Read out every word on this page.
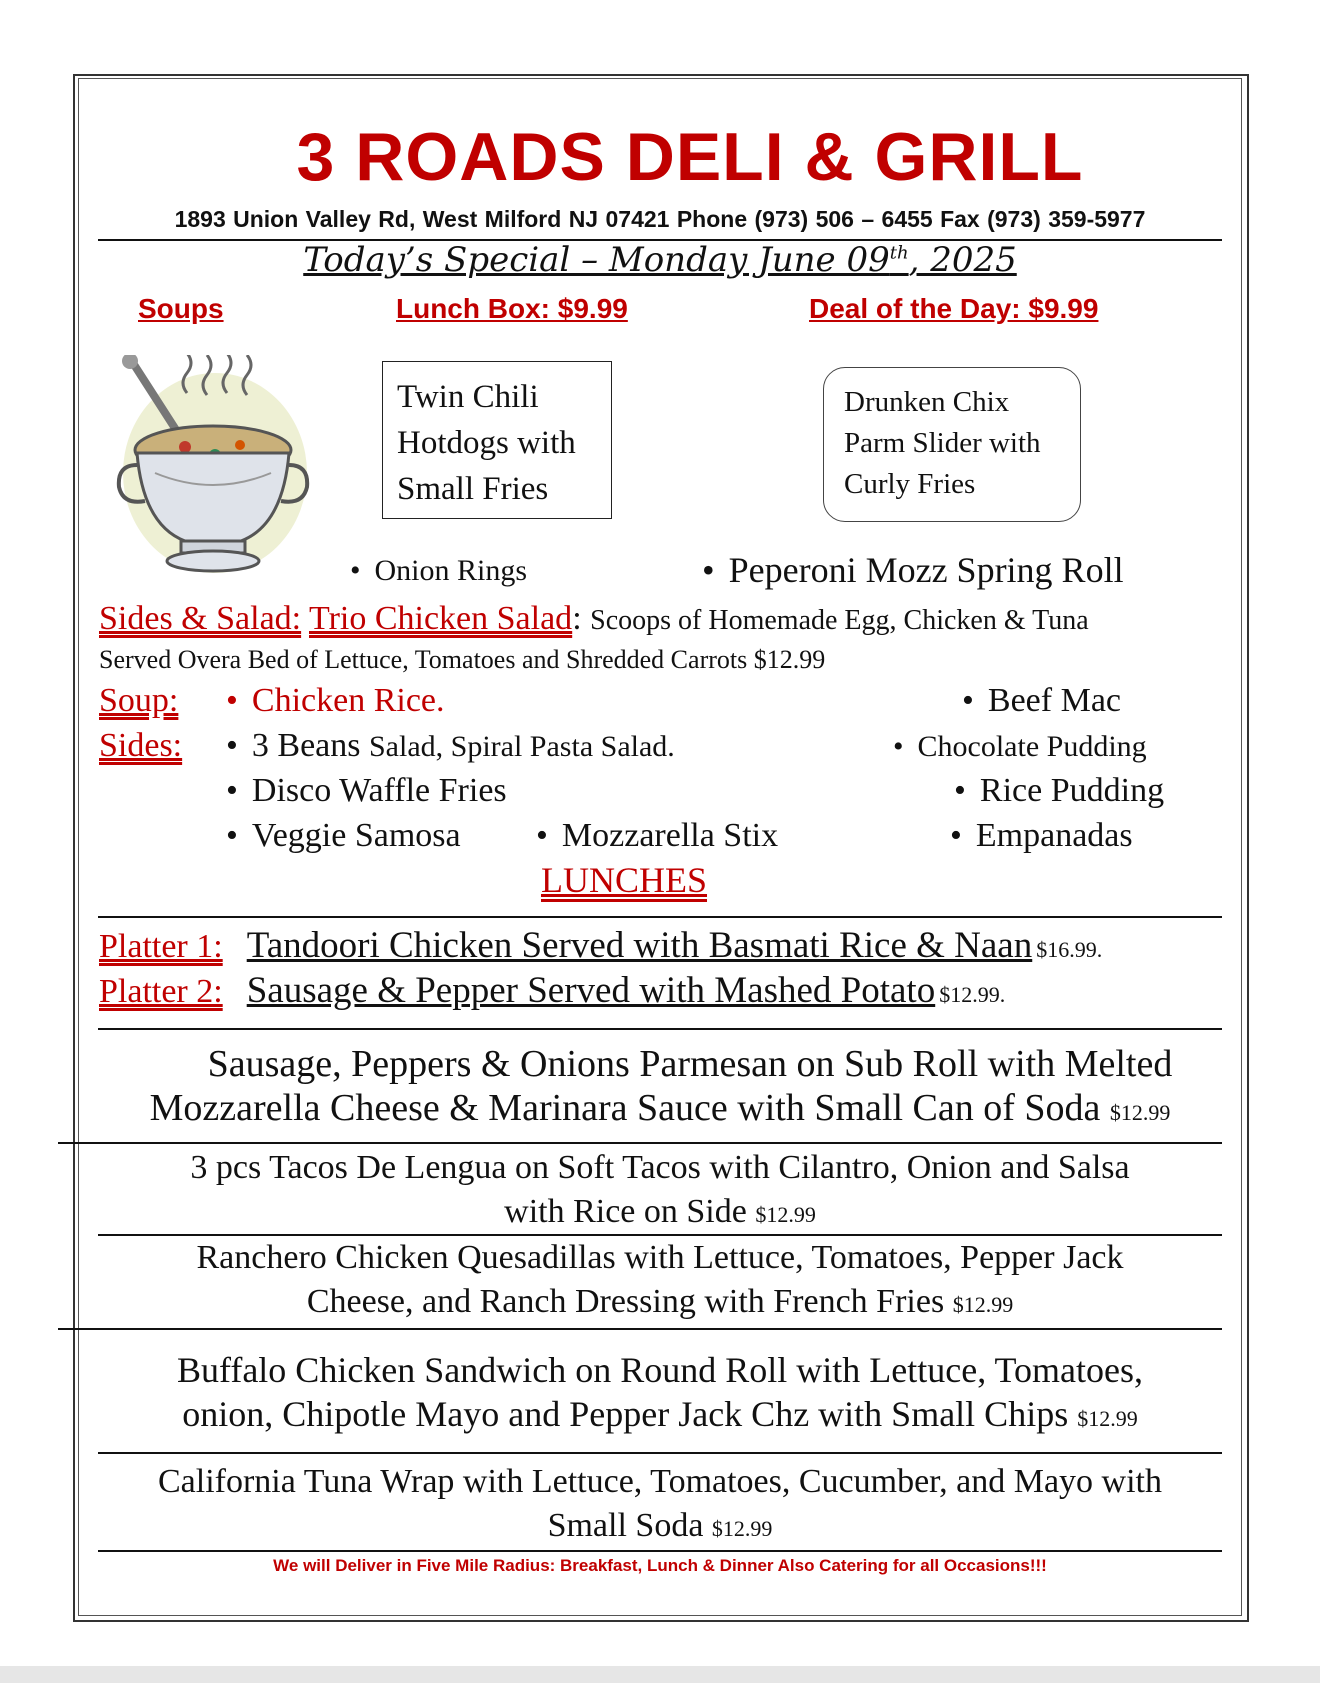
3 ROADS DELI & GRILL
1893 Union Valley Rd, West Milford NJ 07421 Phone (973) 506 – 6455 Fax (973) 359-5977
Today’s Special – Monday June 09th, 2025
Soups	Lunch Box: $9.99	Deal of the Day: $9.99
Twin Chili
Hotdogs with
Small Fries
Drunken Chix
Parm Slider with
Curly Fries
• Onion Rings	• Peperoni Mozz Spring Roll
Sides & Salad: Trio Chicken Salad: Scoops of Homemade Egg, Chicken & Tuna
Served Overa Bed of Lettuce, Tomatoes and Shredded Carrots $12.99
Soup:	• Chicken Rice.	• Beef Mac
Sides:	• 3 Beans Salad, Spiral Pasta Salad.	• Chocolate Pudding
• Disco Waffle Fries	• Rice Pudding
• Veggie Samosa	• Mozzarella Stix	• Empanadas
LUNCHES
Platter 1: Tandoori Chicken Served with Basmati Rice & Naan $16.99.
Platter 2: Sausage & Pepper Served with Mashed Potato $12.99.
Sausage, Peppers & Onions Parmesan on Sub Roll with Melted
Mozzarella Cheese & Marinara Sauce with Small Can of Soda $12.99
3 pcs Tacos De Lengua on Soft Tacos with Cilantro, Onion and Salsa
with Rice on Side $12.99
Ranchero Chicken Quesadillas with Lettuce, Tomatoes, Pepper Jack
Cheese, and Ranch Dressing with French Fries $12.99
Buffalo Chicken Sandwich on Round Roll with Lettuce, Tomatoes,
onion, Chipotle Mayo and Pepper Jack Chz with Small Chips $12.99
California Tuna Wrap with Lettuce, Tomatoes, Cucumber, and Mayo with
Small Soda $12.99
We will Deliver in Five Mile Radius: Breakfast, Lunch & Dinner Also Catering for all Occasions!!!
